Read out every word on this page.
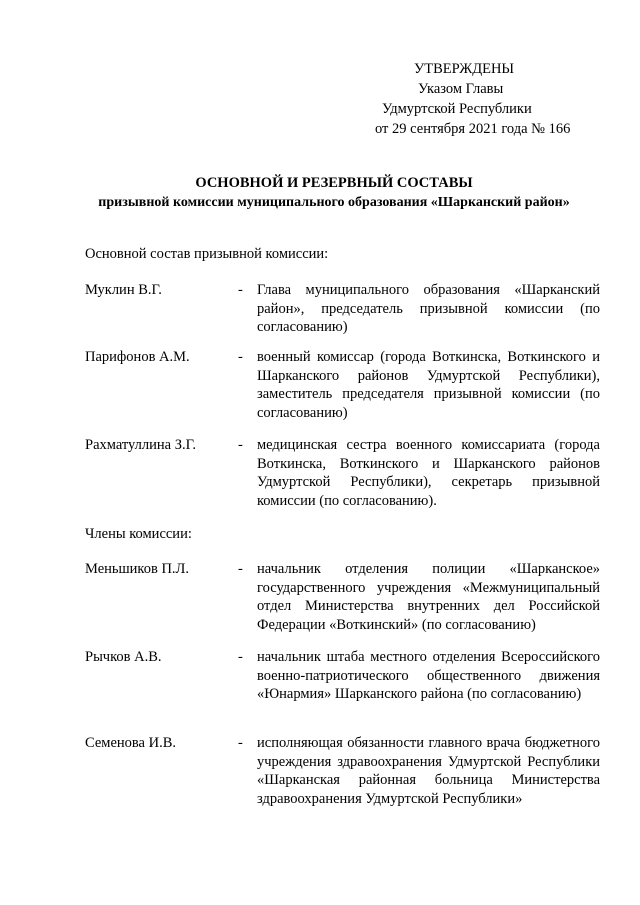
УТВЕРЖДЕНЫ
Указом Главы
Удмуртской Республики
от 29 сентября 2021 года № 166
ОСНОВНОЙ И РЕЗЕРВНЫЙ СОСТАВЫ
призывной комиссии муниципального образования «Шарканский район»
Основной состав призывной комиссии:
Муклин В.Г.	- Глава муниципального образования «Шарканский район», председатель призывной комиссии (по согласованию)
Парифонов А.М.	- военный комиссар (города Воткинска, Воткинского и Шарканского районов Удмуртской Республики), заместитель председателя призывной комиссии (по согласованию)
Рахматуллина З.Г.	- медицинская сестра военного комиссариата (города Воткинска, Воткинского и Шарканского районов Удмуртской Республики), секретарь призывной комиссии (по согласованию).
Члены комиссии:
Меньшиков П.Л.	- начальник отделения полиции «Шарканское» государственного учреждения «Межмуниципальный отдел Министерства внутренних дел Российской Федерации «Воткинский» (по согласованию)
Рычков А.В.	- начальник штаба местного отделения Всероссийского военно-патриотического общественного движения «Юнармия» Шарканского района (по согласованию)
Семенова И.В.	- исполняющая обязанности главного врача бюджетного учреждения здравоохранения Удмуртской Республики «Шарканская районная больница Министерства здравоохранения Удмуртской Республики»
